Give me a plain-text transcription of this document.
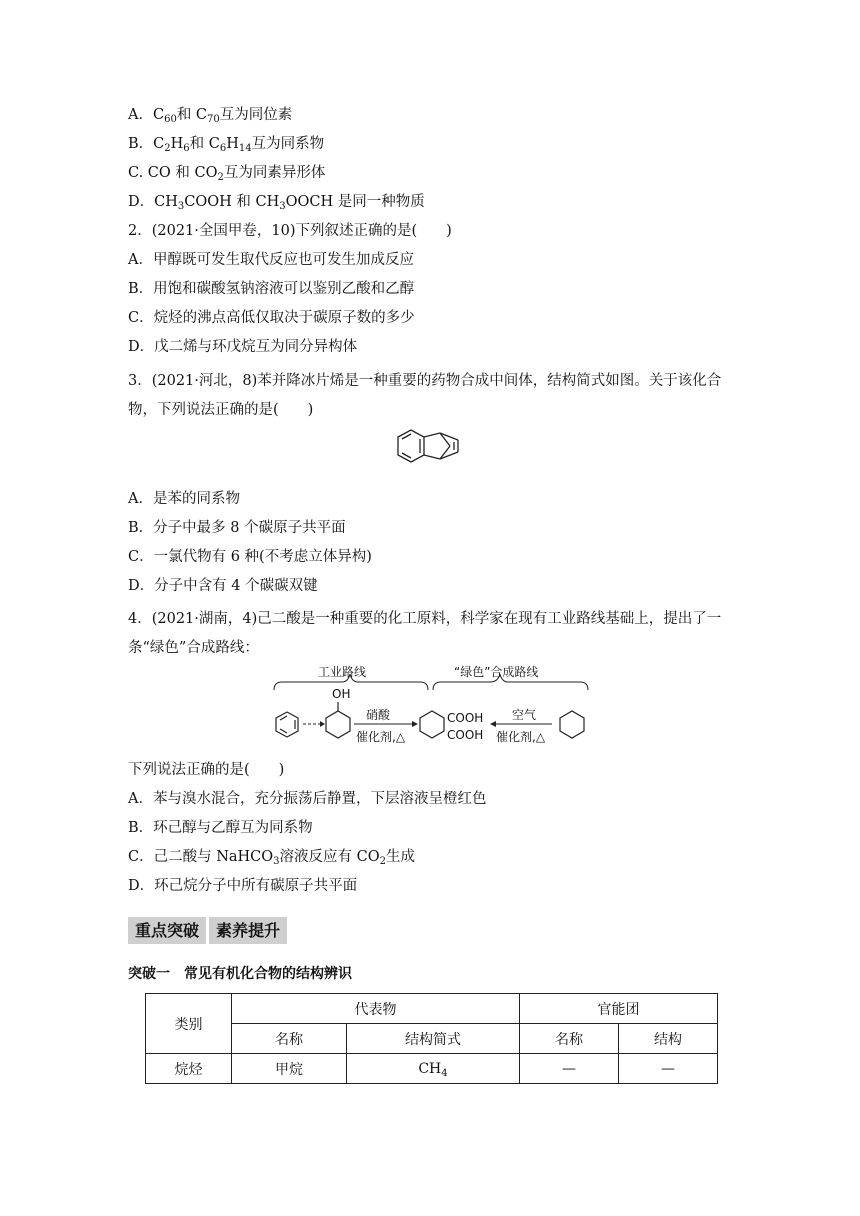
A．$C_{60}$和 $C_{70}$互为同位素
B．$C_2H_6$和 $C_6H_{14}$互为同系物
C. CO 和 $CO_2$互为同素异形体
D．$CH_3COOH$ 和 $CH_3OOCH$ 是同一种物质
2．(2021·全国甲卷，10)下列叙述正确的是(　　)
A．甲醇既可发生取代反应也可发生加成反应
B．用饱和碳酸氢钠溶液可以鉴别乙酸和乙醇
C．烷烃的沸点高低仅取决于碳原子数的多少
D．戊二烯与环戊烷互为同分异构体
3．(2021·河北，8)苯并降冰片烯是一种重要的药物合成中间体，结构简式如图。关于该化合物，下列说法正确的是(　　)
A．是苯的同系物
B．分子中最多 8 个碳原子共平面
C．一氯代物有 6 种(不考虑立体异构)
D．分子中含有 4 个碳碳双键
4．(2021·湖南，4)己二酸是一种重要的化工原料，科学家在现有工业路线基础上，提出了一条“绿色”合成路线：
工业路线	“绿色”合成路线
OH
硝酸
催化剂,△
COOH
COOH
空气
催化剂,△
下列说法正确的是(　　)
A．苯与溴水混合，充分振荡后静置，下层溶液呈橙红色
B．环己醇与乙醇互为同系物
C．己二酸与 NaHCO$_3$溶液反应有 $CO_2$生成
D．环己烷分子中所有碳原子共平面
重点突破	素养提升
突破一　常见有机化合物的结构辨识
类别	代表物		官能团	
	名称	结构简式	名称	结构
烷烃	甲烷	$CH_4$	—	—
